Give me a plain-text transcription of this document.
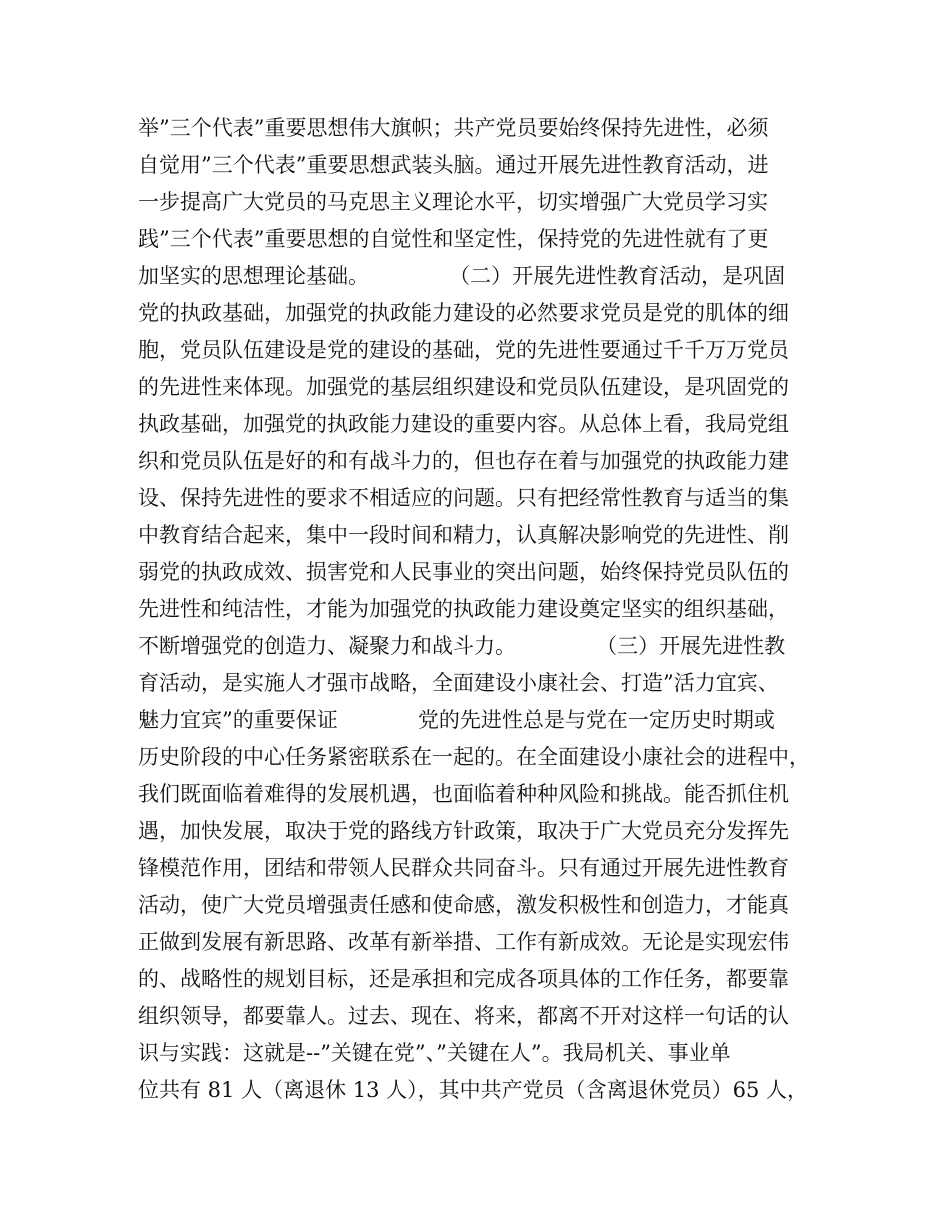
举”三个代表”重要思想伟大旗帜；共产党员要始终保持先进性，必须
自觉用”三个代表”重要思想武装头脑。通过开展先进性教育活动，进
一步提高广大党员的马克思主义理论水平，切实增强广大党员学习实
践”三个代表”重要思想的自觉性和坚定性，保持党的先进性就有了更
加坚实的思想理论基础。            （二）开展先进性教育活动，是巩固
党的执政基础，加强党的执政能力建设的必然要求党员是党的肌体的细
胞，党员队伍建设是党的建设的基础，党的先进性要通过千千万万党员
的先进性来体现。加强党的基层组织建设和党员队伍建设，是巩固党的
执政基础，加强党的执政能力建设的重要内容。从总体上看，我局党组
织和党员队伍是好的和有战斗力的，但也存在着与加强党的执政能力建
设、保持先进性的要求不相适应的问题。只有把经常性教育与适当的集
中教育结合起来，集中一段时间和精力，认真解决影响党的先进性、削
弱党的执政成效、损害党和人民事业的突出问题，始终保持党员队伍的
先进性和纯洁性，才能为加强党的执政能力建设奠定坚实的组织基础，
不断增强党的创造力、凝聚力和战斗力。            （三）开展先进性教
育活动，是实施人才强市战略，全面建设小康社会、打造”活力宜宾、
魅力宜宾”的重要保证            党的先进性总是与党在一定历史时期或
历史阶段的中心任务紧密联系在一起的。在全面建设小康社会的进程中，
我们既面临着难得的发展机遇，也面临着种种风险和挑战。能否抓住机
遇，加快发展，取决于党的路线方针政策，取决于广大党员充分发挥先
锋模范作用，团结和带领人民群众共同奋斗。只有通过开展先进性教育
活动，使广大党员增强责任感和使命感，激发积极性和创造力，才能真
正做到发展有新思路、改革有新举措、工作有新成效。无论是实现宏伟
的、战略性的规划目标，还是承担和完成各项具体的工作任务，都要靠
组织领导，都要靠人。过去、现在、将来，都离不开对这样一句话的认
识与实践：这就是--”关键在党”、”关键在人”。我局机关、事业单
位共有 81 人（离退休 13 人），其中共产党员（含离退休党员）65 人，
